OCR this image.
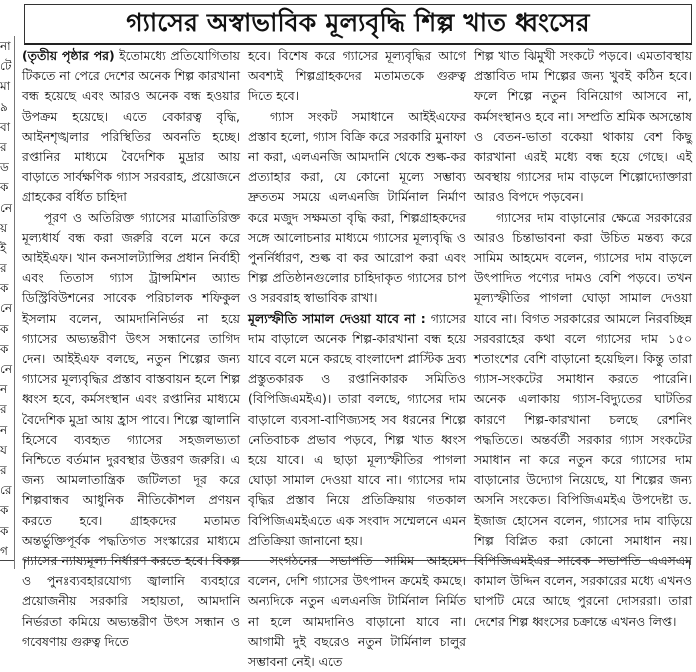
না
টে
মা
৯
বা
র
ড
ক
নে
য়
ই
র
ক
নে
ক
ক
নে
ন
র
ন
য
র
রে
ক
ক
গ
গ্যাসের অস্বাভাবিক মূল্যবৃদ্ধি শিল্প খাত ধ্বংসের

(তৃতীয় পৃষ্ঠার পর) ইতোমধ্যে প্রতিযোগিতায় টিকতে না পেরে দেশের অনেক শিল্প কারখানা বন্ধ হয়েছে এবং আরও অনেক বন্ধ হওয়ার উপক্রম হয়েছে। এতে বেকারত্ব বৃদ্ধি, আইনশৃঙ্খলার পরিস্থিতির অবনতি হচ্ছে। রপ্তানির মাধ্যমে বৈদেশিক মুদ্রার আয় বাড়াতে সার্বক্ষণিক গ্যাস সরবরাহ, প্রয়োজনে গ্রাহকের বর্ধিত চাহিদা

পূরণ ও অতিরিক্ত গ্যাসের মাত্রাতিরিক্ত মূল্যধার্য বন্ধ করা জরুরি বলে মনে করে আইইএফ। খান কনসালট্যান্সির প্রধান নির্বাহী এবং তিতাস গ্যাস ট্রান্সমিশন অ্যান্ড ডিস্ট্রিবিউশনের সাবেক পরিচালক শফিকুল ইসলাম বলেন, আমদানিনির্ভর না হয়ে গ্যাসের অভ্যন্তরীণ উৎস সন্ধানের তাগিদ দেন। আইইএফ বলছে, নতুন শিল্পের জন্য গ্যাসের মূল্যবৃদ্ধির প্রস্তাব বাস্তবায়ন হলে শিল্প ধ্বংস হবে, কর্মসংস্থান এবং রপ্তানির মাধ্যমে বৈদেশিক মুদ্রা আয় হ্রাস পাবে। শিল্পে জ্বালানি হিসেবে ব্যবহৃত গ্যাসের সহজলভ্যতা নিশ্চিতে বর্তমান দুরবস্থার উত্তরণ জরুরি। এ জন্য আমলাতান্ত্রিক জটিলতা দূর করে শিল্পবান্ধব আধুনিক নীতিকৌশল প্রণয়ন করতে হবে। গ্রাহকদের মতামত অন্তর্ভুক্তিপূর্বক পদ্ধতিগত সংস্কারের মাধ্যমে গ্যাসের ন্যায্যমূল্য নির্ধারণ করতে হবে। বিকল্প ও পুনঃব্যবহারযোগ্য জ্বালানি ব্যবহারে প্রয়োজনীয় সরকারি সহায়তা, আমদানি নির্ভরতা কমিয়ে অভ্যন্তরীণ উৎস সন্ধান ও গবেষণায় গুরুত্ব দিতে

হবে। বিশেষ করে গ্যাসের মূল্যবৃদ্ধির আগে অবশ্যই শিল্পগ্রাহকদের মতামতকে গুরুত্ব দিতে হবে।

গ্যাস সংকট সমাধানে আইইএফের প্রস্তাব হলো, গ্যাস বিক্রি করে সরকারি মুনাফা না করা, এলএনজি আমদানি থেকে শুল্ক-কর প্রত্যাহার করা, যে কোনো মূল্যে সম্ভাব্য দ্রুততম সময়ে এলএনজি টার্মিনাল নির্মাণ করে মজুদ সক্ষমতা বৃদ্ধি করা, শিল্পগ্রাহকদের সঙ্গে আলোচনার মাধ্যমে গ্যাসের মূল্যবৃদ্ধি ও পুনর্নির্ধারণ, শুল্ক বা কর আরোপ করা এবং শিল্প প্রতিষ্ঠানগুলোর চাহিদাকৃত গ্যাসের চাপ ও সরবরাহ স্বাভাবিক রাখা।

মূল্যস্ফীতি সামাল দেওয়া যাবে না : গ্যাসের দাম বাড়ালে অনেক শিল্প-কারখানা বন্ধ হয়ে যাবে বলে মনে করছে বাংলাদেশ প্লাস্টিক দ্রব্য প্রস্তুতকারক ও রপ্তানিকারক সমিতিও (বিপিজিএমইএ)। তারা বলছে, গ্যাসের দাম বাড়ালে ব্যবসা-বাণিজ্যসহ সব ধরনের শিল্পে নেতিবাচক প্রভাব পড়বে, শিল্প খাত ধ্বংস হয়ে যাবে। এ ছাড়া মূল্যস্ফীতির পাগলা ঘোড়া সামাল দেওয়া যাবে না। গ্যাসের দাম বৃদ্ধির প্রস্তাব নিয়ে প্রতিক্রিয়ায় গতকাল বিপিজিএমইএতে এক সংবাদ সম্মেলনে এমন প্রতিক্রিয়া জানানো হয়।

সংগঠনের সভাপতি সামিম আহমেদ বলেন, দেশি গ্যাসের উৎপাদন ক্রমেই কমছে। অন্যদিকে নতুন এলএনজি টার্মিনাল নির্মিত না হলে আমদানিও বাড়ানো যাবে না। আগামী দুই বছরেও নতুন টার্মিনাল চালুর সম্ভাবনা নেই। এতে

শিল্প খাত ঝিমুখী সংকটে পড়বে। এমতাবস্থায় প্রস্তাবিত দাম শিল্পের জন্য খুবই কঠিন হবে। ফলে শিল্পে নতুন বিনিয়োগ আসবে না, কর্মসংস্থানও হবে না। সম্প্রতি শ্রমিক অসন্তোষ ও বেতন-ভাতা বকেয়া থাকায় বেশ কিছু কারখানা এরই মধ্যে বন্ধ হয়ে গেছে। এই অবস্থায় গ্যাসের দাম বাড়লে শিল্পোদ্যোক্তারা আরও বিপদে পড়বেন।

গ্যাসের দাম বাড়ানোর ক্ষেত্রে সরকারের আরও চিন্তাভাবনা করা উচিত মন্তব্য করে সামিম আহমেদ বলেন, গ্যাসের দাম বাড়লে উৎপাদিত পণ্যের দামও বেশি পড়বে। তখন মূল্যস্ফীতির পাগলা ঘোড়া সামাল দেওয়া যাবে না। বিগত সরকারের আমলে নিরবচ্ছিন্ন সরবরাহের কথা বলে গ্যাসের দাম ১৫০ শতাংশের বেশি বাড়ানো হয়েছিল। কিন্তু তারা গ্যাস-সংকটের সমাধান করতে পারেনি। অনেক এলাকায় গ্যাস-বিদ্যুতের ঘাটতির কারণে শিল্প-কারখানা চলছে রেশনিং পদ্ধতিতে। অন্তর্বর্তী সরকার গ্যাস সংকটের সমাধান না করে নতুন করে গ্যাসের দাম বাড়ানোর উদ্যোগ নিয়েছে, যা শিল্পের জন্য অসনি সংকেত। বিপিজিএমইএ উপদেষ্টা ড. ইজাজ হোসেন বলেন, গ্যাসের দাম বাড়িয়ে শিল্প বিপ্লিত করা কোনো সমাধান নয়। বিপিজিএমইএর সাবেক সভাপতি এএসএম কামাল উদ্দিন বলেন, সরকারের মধ্যে এখনও ঘাপটি মেরে আছে পুরনো দোসররা। তারা দেশের শিল্প ধ্বংসের চক্রান্তে এখনও লিপ্ত।
